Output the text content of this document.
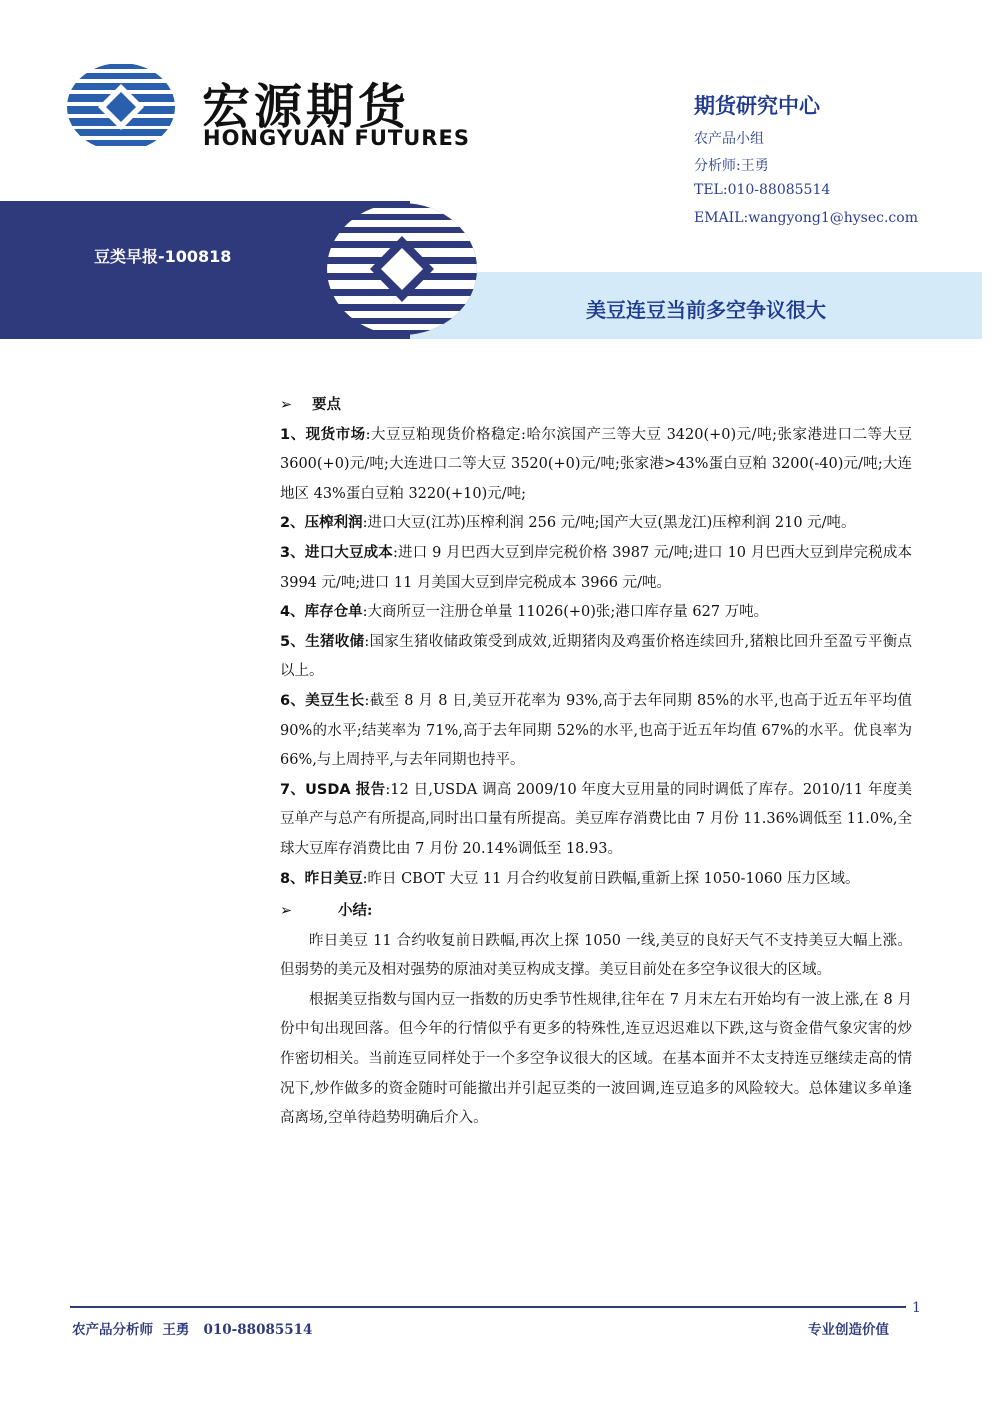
宏源期货
HONGYUAN FUTURES
期货研究中心
农产品小组
分析师:王勇
TEL:010-88085514
EMAIL:wangyong1@hysec.com
豆类早报-100818
美豆连豆当前多空争议很大
➢ 要点

1、现货市场:大豆豆粕现货价格稳定:哈尔滨国产三等大豆 3420(+0)元/吨;张家港进口二等大豆 3600(+0)元/吨;大连进口二等大豆 3520(+0)元/吨;张家港>43%蛋白豆粕 3200(-40)元/吨;大连地区 43%蛋白豆粕 3220(+10)元/吨;

2、压榨利润:进口大豆(江苏)压榨利润 256 元/吨;国产大豆(黑龙江)压榨利润 210 元/吨。

3、进口大豆成本:进口 9 月巴西大豆到岸完税价格 3987 元/吨;进口 10 月巴西大豆到岸完税成本 3994 元/吨;进口 11 月美国大豆到岸完税成本 3966 元/吨。

4、库存仓单:大商所豆一注册仓单量 11026(+0)张;港口库存量 627 万吨。

5、生猪收储:国家生猪收储政策受到成效,近期猪肉及鸡蛋价格连续回升,猪粮比回升至盈亏平衡点以上。

6、美豆生长:截至 8 月 8 日,美豆开花率为 93%,高于去年同期 85%的水平,也高于近五年平均值 90%的水平;结荚率为 71%,高于去年同期 52%的水平,也高于近五年均值 67%的水平。优良率为 66%,与上周持平,与去年同期也持平。

7、USDA 报告:12 日,USDA 调高 2009/10 年度大豆用量的同时调低了库存。2010/11 年度美豆单产与总产有所提高,同时出口量有所提高。美豆库存消费比由 7 月份 11.36%调低至 11.0%,全球大豆库存消费比由 7 月份 20.14%调低至 18.93。

8、昨日美豆:昨日 CBOT 大豆 11 月合约收复前日跌幅,重新上探 1050-1060 压力区域。

➢	小结:

昨日美豆 11 合约收复前日跌幅,再次上探 1050 一线,美豆的良好天气不支持美豆大幅上涨。但弱势的美元及相对强势的原油对美豆构成支撑。美豆目前处在多空争议很大的区域。

根据美豆指数与国内豆一指数的历史季节性规律,往年在 7 月末左右开始均有一波上涨,在 8 月份中旬出现回落。但今年的行情似乎有更多的特殊性,连豆迟迟难以下跌,这与资金借气象灾害的炒作密切相关。当前连豆同样处于一个多空争议很大的区域。在基本面并不太支持连豆继续走高的情况下,炒作做多的资金随时可能撤出并引起豆类的一波回调,连豆追多的风险较大。总体建议多单逢高离场,空单待趋势明确后介入。

1
农产品分析师  王勇   010-88085514	专业创造价值
